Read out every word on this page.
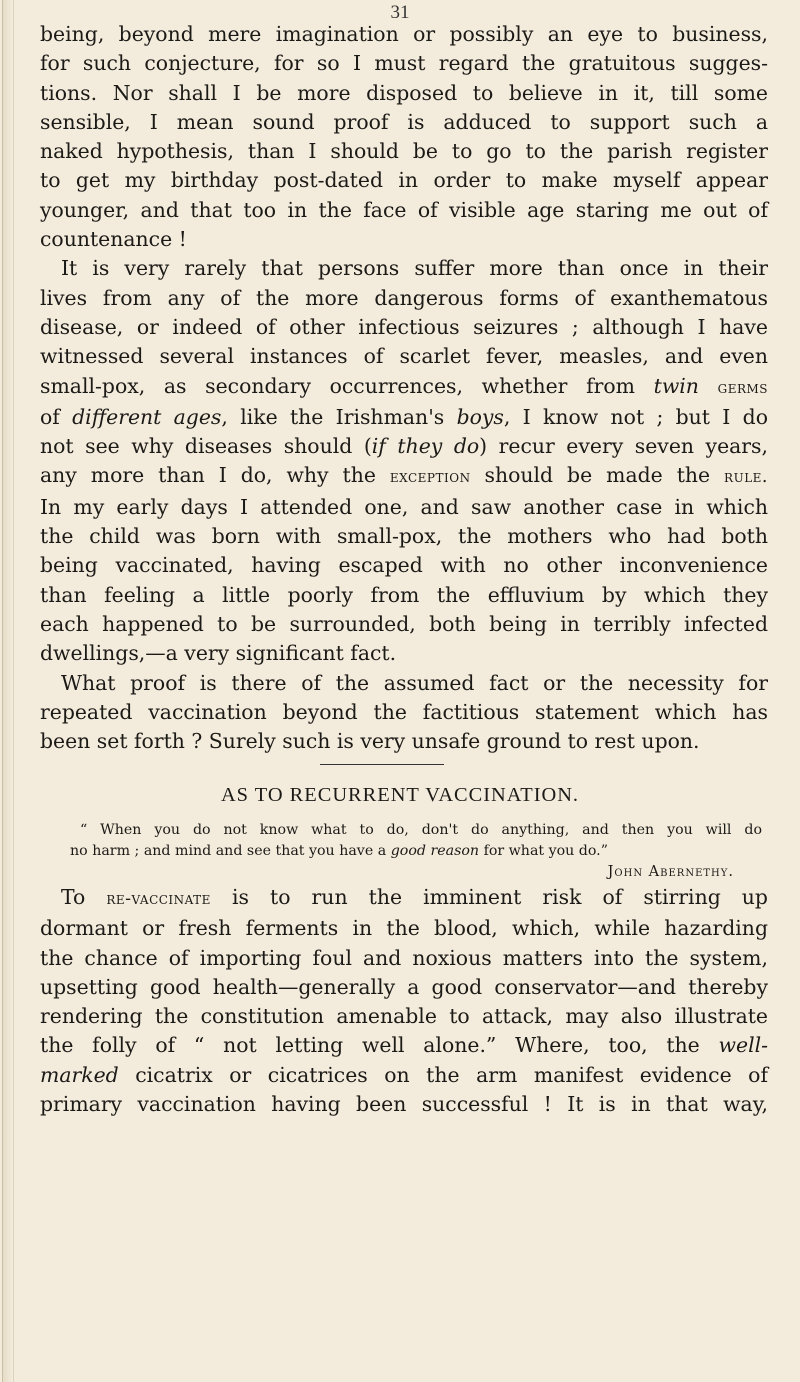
31

being, beyond mere imagination or possibly an eye to business,

for such conjecture, for so I must regard the gratuitous sugges-

tions. Nor shall I be more disposed to believe in it, till some

sensible, I mean sound proof is adduced to support such a

naked hypothesis, than I should be to go to the parish register

to get my birthday post-dated in order to make myself appear

younger, and that too in the face of visible age staring me out of

countenance !

It is very rarely that persons suffer more than once in their

lives from any of the more dangerous forms of exanthematous

disease, or indeed of other infectious seizures ; although I have

witnessed several instances of scarlet fever, measles, and even

small-pox, as secondary occurrences, whether from twin germs

of different ages, like the Irishman's boys, I know not ; but I do

not see why diseases should (if they do) recur every seven years,

any more than I do, why the exception should be made the rule.

In my early days I attended one, and saw another case in which

the child was born with small-pox, the mothers who had both

being vaccinated, having escaped with no other inconvenience

than feeling a little poorly from the effluvium by which they

each happened to be surrounded, both being in terribly infected

dwellings,—a very significant fact.

What proof is there of the assumed fact or the necessity for

repeated vaccination beyond the factitious statement which has

been set forth ? Surely such is very unsafe ground to rest upon.

AS TO RECURRENT VACCINATION.

“ When you do not know what to do, don't do anything, and then you will do

no harm ; and mind and see that you have a good reason for what you do.”

John Abernethy.

To re-vaccinate is to run the imminent risk of stirring up

dormant or fresh ferments in the blood, which, while hazarding

the chance of importing foul and noxious matters into the system,

upsetting good health—generally a good conservator—and thereby

rendering the constitution amenable to attack, may also illustrate

the folly of “ not letting well alone.” Where, too, the well-

marked cicatrix or cicatrices on the arm manifest evidence of

primary vaccination having been successful ! It is in that way,
